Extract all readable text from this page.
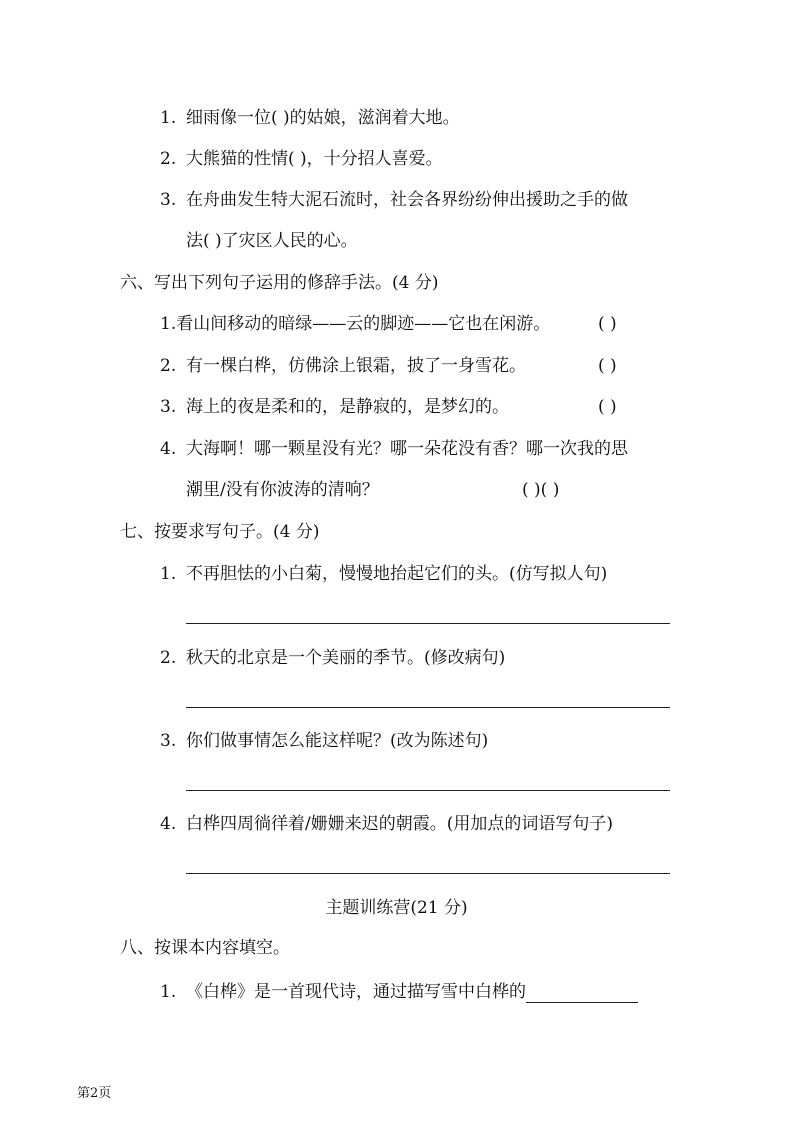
1. 细雨像一位( )的姑娘，滋润着大地。
2. 大熊猫的性情( )，十分招人喜爱。
3. 在舟曲发生特大泥石流时，社会各界纷纷伸出援助之手的做
法( )了灾区人民的心。
六、写出下列句子运用的修辞手法。(4 分)
1.看山间移动的暗绿——云的脚迹——它也在闲游。	( )
2. 有一棵白桦，仿佛涂上银霜，披了一身雪花。	( )
3. 海上的夜是柔和的，是静寂的，是梦幻的。	( )
4. 大海啊！哪一颗星没有光？哪一朵花没有香？哪一次我的思
潮里/没有你波涛的清响？	( )( )
七、按要求写句子。(4 分)
1. 不再胆怯的小白菊，慢慢地抬起它们的头。(仿写拟人句)
2. 秋天的北京是一个美丽的季节。(修改病句)
3. 你们做事情怎么能这样呢？(改为陈述句)
4. 白桦四周徜徉着/姗姗来迟的朝霞。(用加点的词语写句子)
主题训练营(21 分)
八、按课本内容填空。
1. 《白桦》是一首现代诗，通过描写雪中白桦的
第2页
